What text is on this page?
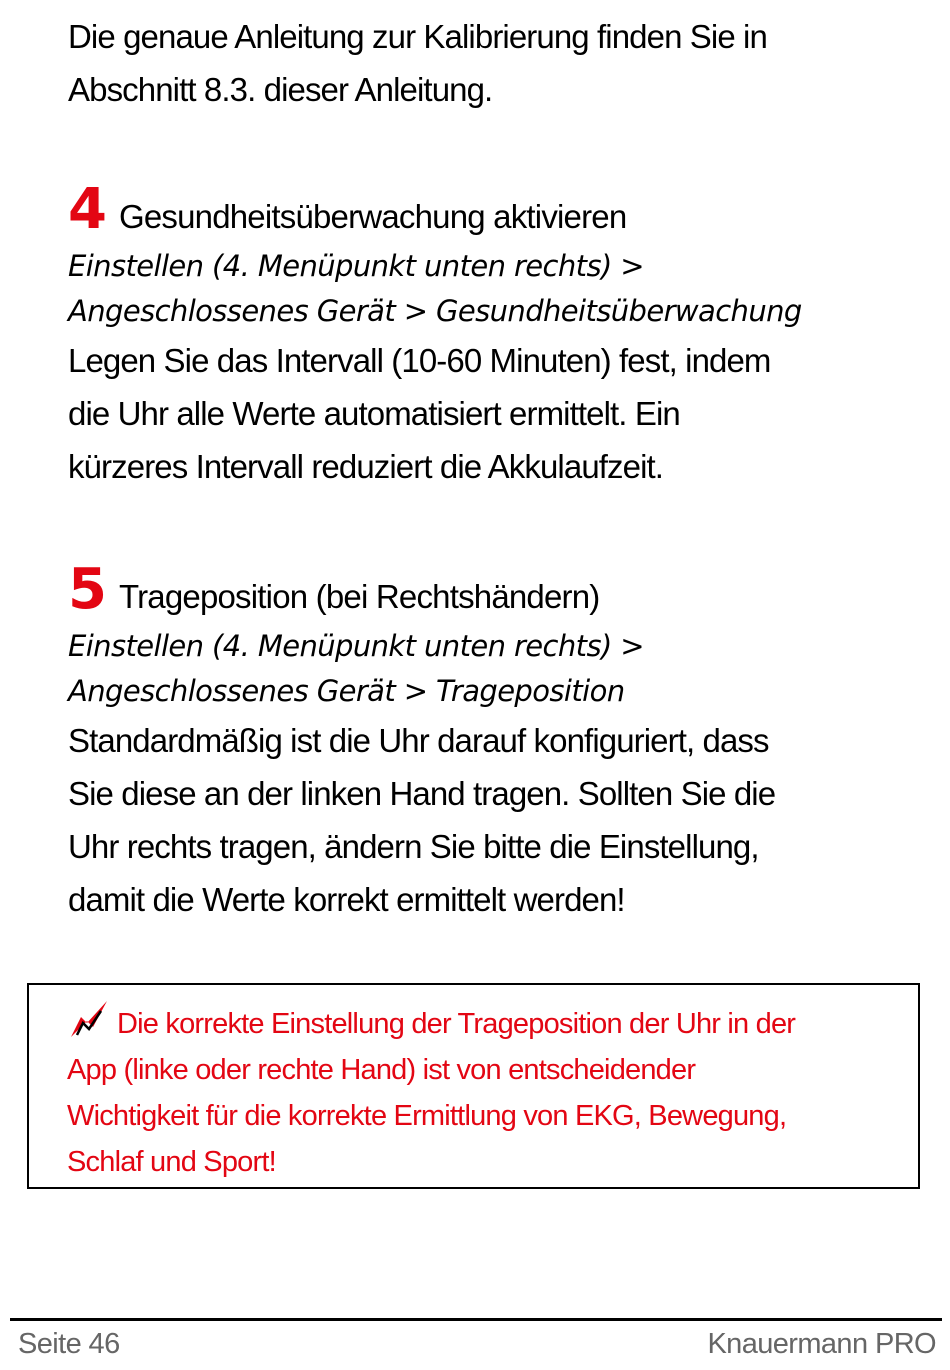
Die genaue Anleitung zur Kalibrierung finden Sie in

Abschnitt 8.3. dieser Anleitung.

4 Gesundheitsüberwachung aktivieren

Einstellen (4. Menüpunkt unten rechts) >

Angeschlossenes Gerät > Gesundheitsüberwachung

Legen Sie das Intervall (10-60 Minuten) fest, indem

die Uhr alle Werte automatisiert ermittelt. Ein

kürzeres Intervall reduziert die Akkulaufzeit.

5 Trageposition (bei Rechtshändern)

Einstellen (4. Menüpunkt unten rechts) >

Angeschlossenes Gerät > Trageposition

Standardmäßig ist die Uhr darauf konfiguriert, dass

Sie diese an der linken Hand tragen. Sollten Sie die

Uhr rechts tragen, ändern Sie bitte die Einstellung,

damit die Werte korrekt ermittelt werden!

Die korrekte Einstellung der Trageposition der Uhr in der

App (linke oder rechte Hand) ist von entscheidender

Wichtigkeit für die korrekte Ermittlung von EKG, Bewegung,

Schlaf und Sport!

Seite 46	Knauermann PRO
